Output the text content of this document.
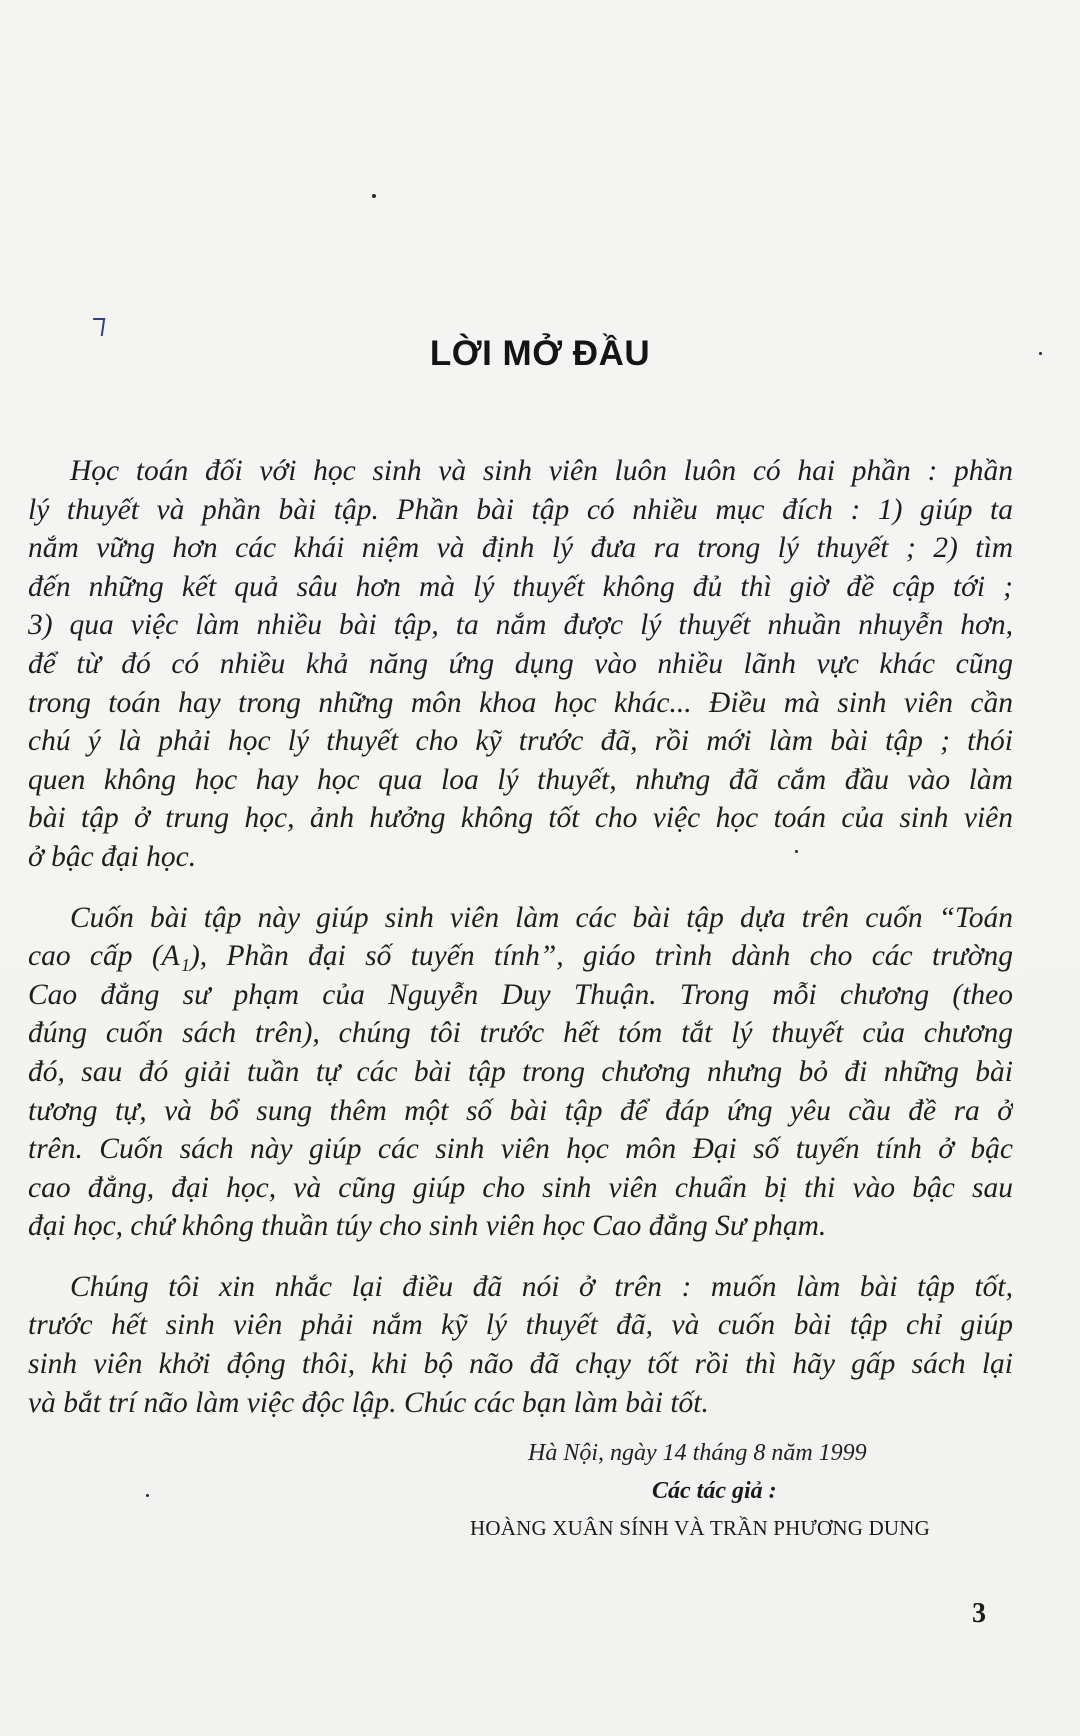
LỜI MỞ ĐẦU
Học toán đối với học sinh và sinh viên luôn luôn có hai phần : phần
lý thuyết và phần bài tập. Phần bài tập có nhiều mục đích : 1) giúp ta
nắm vững hơn các khái niệm và định lý đưa ra trong lý thuyết ; 2) tìm
đến những kết quả sâu hơn mà lý thuyết không đủ thì giờ đề cập tới ;
3) qua việc làm nhiều bài tập, ta nắm được lý thuyết nhuần nhuyễn hơn,
để từ đó có nhiều khả năng ứng dụng vào nhiều lãnh vực khác cũng
trong toán hay trong những môn khoa học khác... Điều mà sinh viên cần
chú ý là phải học lý thuyết cho kỹ trước đã, rồi mới làm bài tập ; thói
quen không học hay học qua loa lý thuyết, nhưng đã cắm đầu vào làm
bài tập ở trung học, ảnh hưởng không tốt cho việc học toán của sinh viên
ở bậc đại học.
Cuốn bài tập này giúp sinh viên làm các bài tập dựa trên cuốn “Toán
cao cấp (A₁), Phần đại số tuyến tính”, giáo trình dành cho các trường
Cao đẳng sư phạm của Nguyễn Duy Thuận. Trong mỗi chương (theo
đúng cuốn sách trên), chúng tôi trước hết tóm tắt lý thuyết của chương
đó, sau đó giải tuần tự các bài tập trong chương nhưng bỏ đi những bài
tương tự, và bổ sung thêm một số bài tập để đáp ứng yêu cầu đề ra ở
trên. Cuốn sách này giúp các sinh viên học môn Đại số tuyến tính ở bậc
cao đẳng, đại học, và cũng giúp cho sinh viên chuẩn bị thi vào bậc sau
đại học, chứ không thuần túy cho sinh viên học Cao đẳng Sư phạm.
Chúng tôi xin nhắc lại điều đã nói ở trên : muốn làm bài tập tốt,
trước hết sinh viên phải nắm kỹ lý thuyết đã, và cuốn bài tập chỉ giúp
sinh viên khởi động thôi, khi bộ não đã chạy tốt rồi thì hãy gấp sách lại
và bắt trí não làm việc độc lập. Chúc các bạn làm bài tốt.
Hà Nội, ngày 14 tháng 8 năm 1999
Các tác giả :
HOÀNG XUÂN SÍNH VÀ TRẦN PHƯƠNG DUNG
3
